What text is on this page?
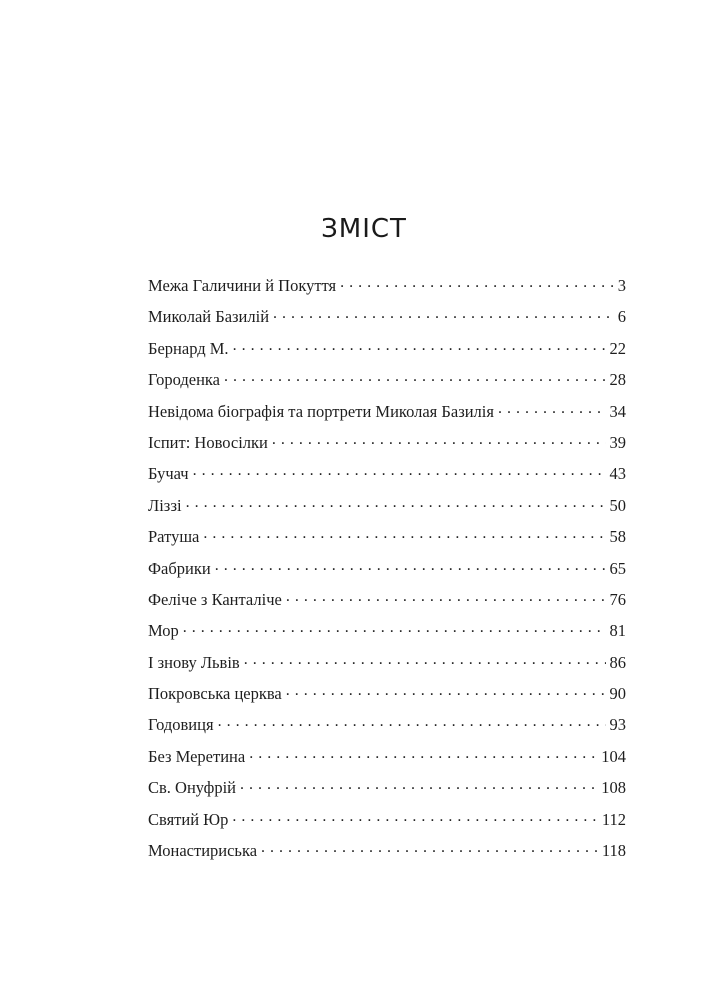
ЗМІСТ
Межа Галичини й Покуття . . .	3
Миколай Базилій . . .	6
Бернард М. . . .	22
Городенка . . .	28
Невідома біографія та портрети Миколая Базилія . . .	34
Іспит: Новосілки . . .	39
Бучач . . .	43
Ліззі . . .	50
Ратуша . . .	58
Фабрики . . .	65
Феліче з Канталіче . . .	76
Мор . . .	81
І знову Львів . . .	86
Покровська церква . . .	90
Годовиця . . .	93
Без Меретина . . .	104
Св. Онуфрій . . .	108
Святий Юр . . .	112
Монастириська . . .	118
